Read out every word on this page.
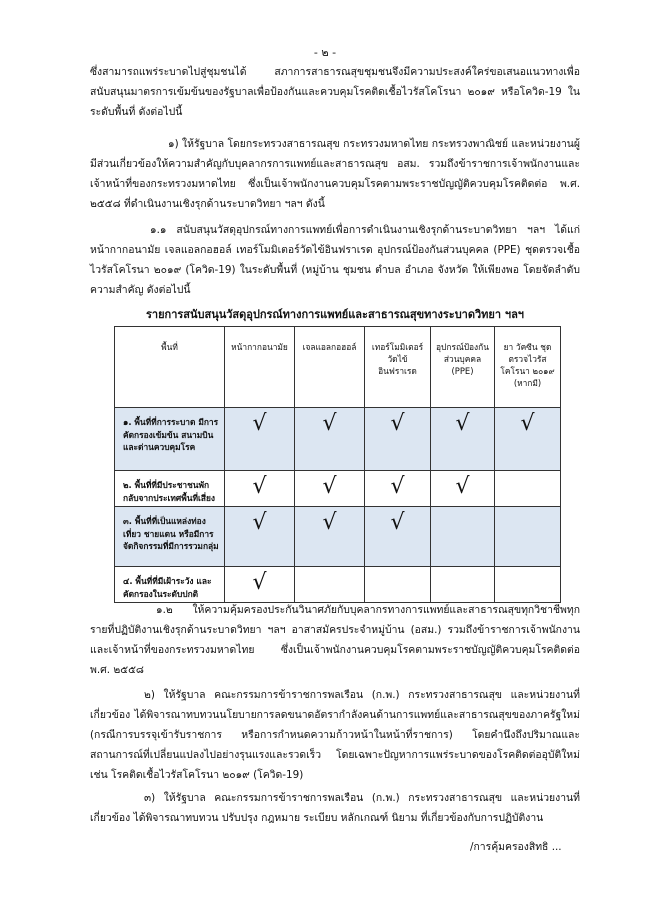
- ๒ -
ซึ่งสามารถแพร่ระบาดไปสู่ชุมชนได้ สภาการสาธารณสุขชุมชนจึงมีความประสงค์ใคร่ขอเสนอแนวทางเพื่อสนับสนุนมาตรการเข้มข้นของรัฐบาลเพื่อป้องกันและควบคุมโรคติดเชื้อไวรัสโคโรนา ๒๐๑๙ หรือโควิด-19 ในระดับพื้นที่ ดังต่อไปนี้
๑) ให้รัฐบาล โดยกระทรวงสาธารณสุข กระทรวงมหาดไทย กระทรวงพาณิชย์ และหน่วยงานผู้มีส่วนเกี่ยวข้องให้ความสำคัญกับบุคลากรการแพทย์และสาธารณสุข อสม. รวมถึงข้าราชการเจ้าพนักงานและเจ้าหน้าที่ของกระทรวงมหาดไทย ซึ่งเป็นเจ้าพนักงานควบคุมโรคตามพระราชบัญญัติควบคุมโรคติดต่อ พ.ศ. ๒๕๕๘ ที่ดำเนินงานเชิงรุกด้านระบาดวิทยา ฯลฯ ดังนี้
๑.๑ สนับสนุนวัสดุอุปกรณ์ทางการแพทย์เพื่อการดำเนินงานเชิงรุกด้านระบาดวิทยา ฯลฯ ได้แก่ หน้ากากอนามัย เจลแอลกอฮอล์ เทอร์โมมิเตอร์วัดไข้อินฟราเรด อุปกรณ์ป้องกันส่วนบุคคล (PPE) ชุดตรวจเชื้อไวรัสโคโรนา ๒๐๑๙ (โควิด-19) ในระดับพื้นที่ (หมู่บ้าน ชุมชน ตำบล อำเภอ จังหวัด ให้เพียงพอ โดยจัดลำดับความสำคัญ ดังต่อไปนี้
รายการสนับสนุนวัสดุอุปกรณ์ทางการแพทย์และสาธารณสุขทางระบาดวิทยา ฯลฯ
พื้นที่	หน้ากากอนามัย	เจลแอลกอฮอล์	เทอร์โมมิเตอร์วัดไข้อินฟราเรด	อุปกรณ์ป้องกันส่วนบุคคล (PPE)	ยา วัคซีน ชุดตรวจไวรัสโคโรนา ๒๐๑๙ (หากมี)
๑. พื้นที่ที่การระบาด มีการคัดกรองเข้มข้น สนามบิน และด่านควบคุมโรค	√	√	√	√	√
๒. พื้นที่ที่มีประชาชนพักกลับจากประเทศพื้นที่เสี่ยง	√	√	√	√	
๓. พื้นที่ที่เป็นแหล่งท่องเที่ยว ชายแดน หรือมีการจัดกิจกรรมที่มีการรวมกลุ่ม	√	√	√		
๔. พื้นที่ที่มีเฝ้าระวัง และคัดกรองในระดับปกติ	√				
๑.๒ ให้ความคุ้มครองประกันวินาศภัยกับบุคลากรทางการแพทย์และสาธารณสุขทุกวิชาชีพทุกรายที่ปฏิบัติงานเชิงรุกด้านระบาดวิทยา ฯลฯ อาสาสมัครประจำหมู่บ้าน (อสม.) รวมถึงข้าราชการเจ้าพนักงานและเจ้าหน้าที่ของกระทรวงมหาดไทย ซึ่งเป็นเจ้าพนักงานควบคุมโรคตามพระราชบัญญัติควบคุมโรคติดต่อ พ.ศ. ๒๕๕๘
๒) ให้รัฐบาล คณะกรรมการข้าราชการพลเรือน (ก.พ.) กระทรวงสาธารณสุข และหน่วยงานที่เกี่ยวข้อง ได้พิจารณาทบทวนนโยบายการลดขนาดอัตรากำลังคนด้านการแพทย์และสาธารณสุขของภาครัฐใหม่ (กรณีการบรรจุเข้ารับราชการ หรือการกำหนดความก้าวหน้าในหน้าที่ราชการ) โดยคำนึงถึงปริมาณและสถานการณ์ที่เปลี่ยนแปลงไปอย่างรุนแรงและรวดเร็ว โดยเฉพาะปัญหาการแพร่ระบาดของโรคติดต่ออุบัติใหม่ เช่น โรคติดเชื้อไวรัสโคโรนา ๒๐๑๙ (โควิด-19)
๓) ให้รัฐบาล คณะกรรมการข้าราชการพลเรือน (ก.พ.) กระทรวงสาธารณสุข และหน่วยงานที่เกี่ยวข้อง ได้พิจารณาทบทวน ปรับปรุง กฎหมาย ระเบียบ หลักเกณฑ์ นิยาม ที่เกี่ยวข้องกับการปฏิบัติงาน
/การคุ้มครองสิทธิ ...
